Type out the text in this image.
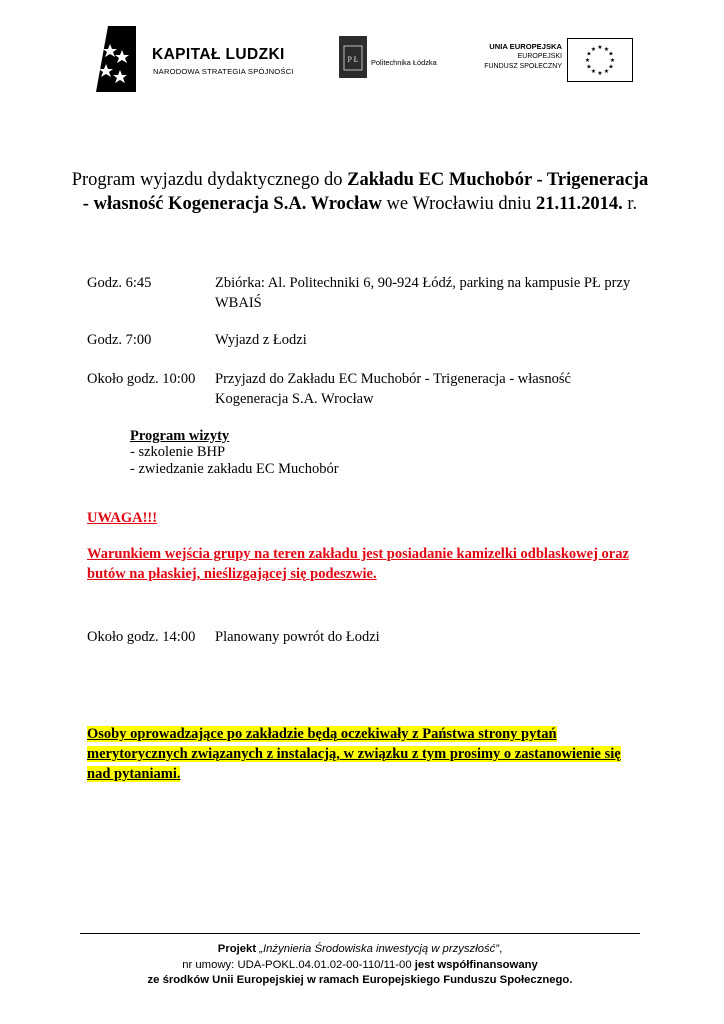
KAPITAŁ LUDZKI
NARODOWA STRATEGIA SPÓJNOŚCI
P Ł Politechnika Łódzka
UNIA EUROPEJSKA
EUROPEJSKI
FUNDUSZ SPOŁECZNY
★ ★
★
★
★
★
★
★
★
★
★
★
Program wyjazdu dydaktycznego do Zakładu EC Muchobór - Trigeneracja - własność Kogeneracja S.A. Wrocław we Wrocławiu dniu 21.11.2014. r.
Godz. 6:45	Zbiórka: Al. Politechniki 6, 90-924 Łódź, parking na kampusie PŁ przy WBAIŚ
Godz. 7:00	Wyjazd z Łodzi
Około godz. 10:00 Przyjazd do Zakładu EC Muchobór - Trigeneracja - własność Kogeneracja S.A. Wrocław
Program wizyty
- szkolenie BHP
- zwiedzanie zakładu EC Muchobór
UWAGA!!!
Warunkiem wejścia grupy na teren zakładu jest posiadanie kamizelki odblaskowej oraz butów na płaskiej, nieślizgającej się podeszwie.
Około godz. 14:00 Planowany powrót do Łodzi
Osoby oprowadzające po zakładzie będą oczekiwały z Państwa strony pytań merytorycznych związanych z instalacją, w związku z tym prosimy o zastanowienie się nad pytaniami.
Projekt „Inżynieria Środowiska inwestycją w przyszłość”,
nr umowy: UDA-POKL.04.01.02-00-110/11-00 jest współfinansowany
ze środków Unii Europejskiej w ramach Europejskiego Funduszu Społecznego.
